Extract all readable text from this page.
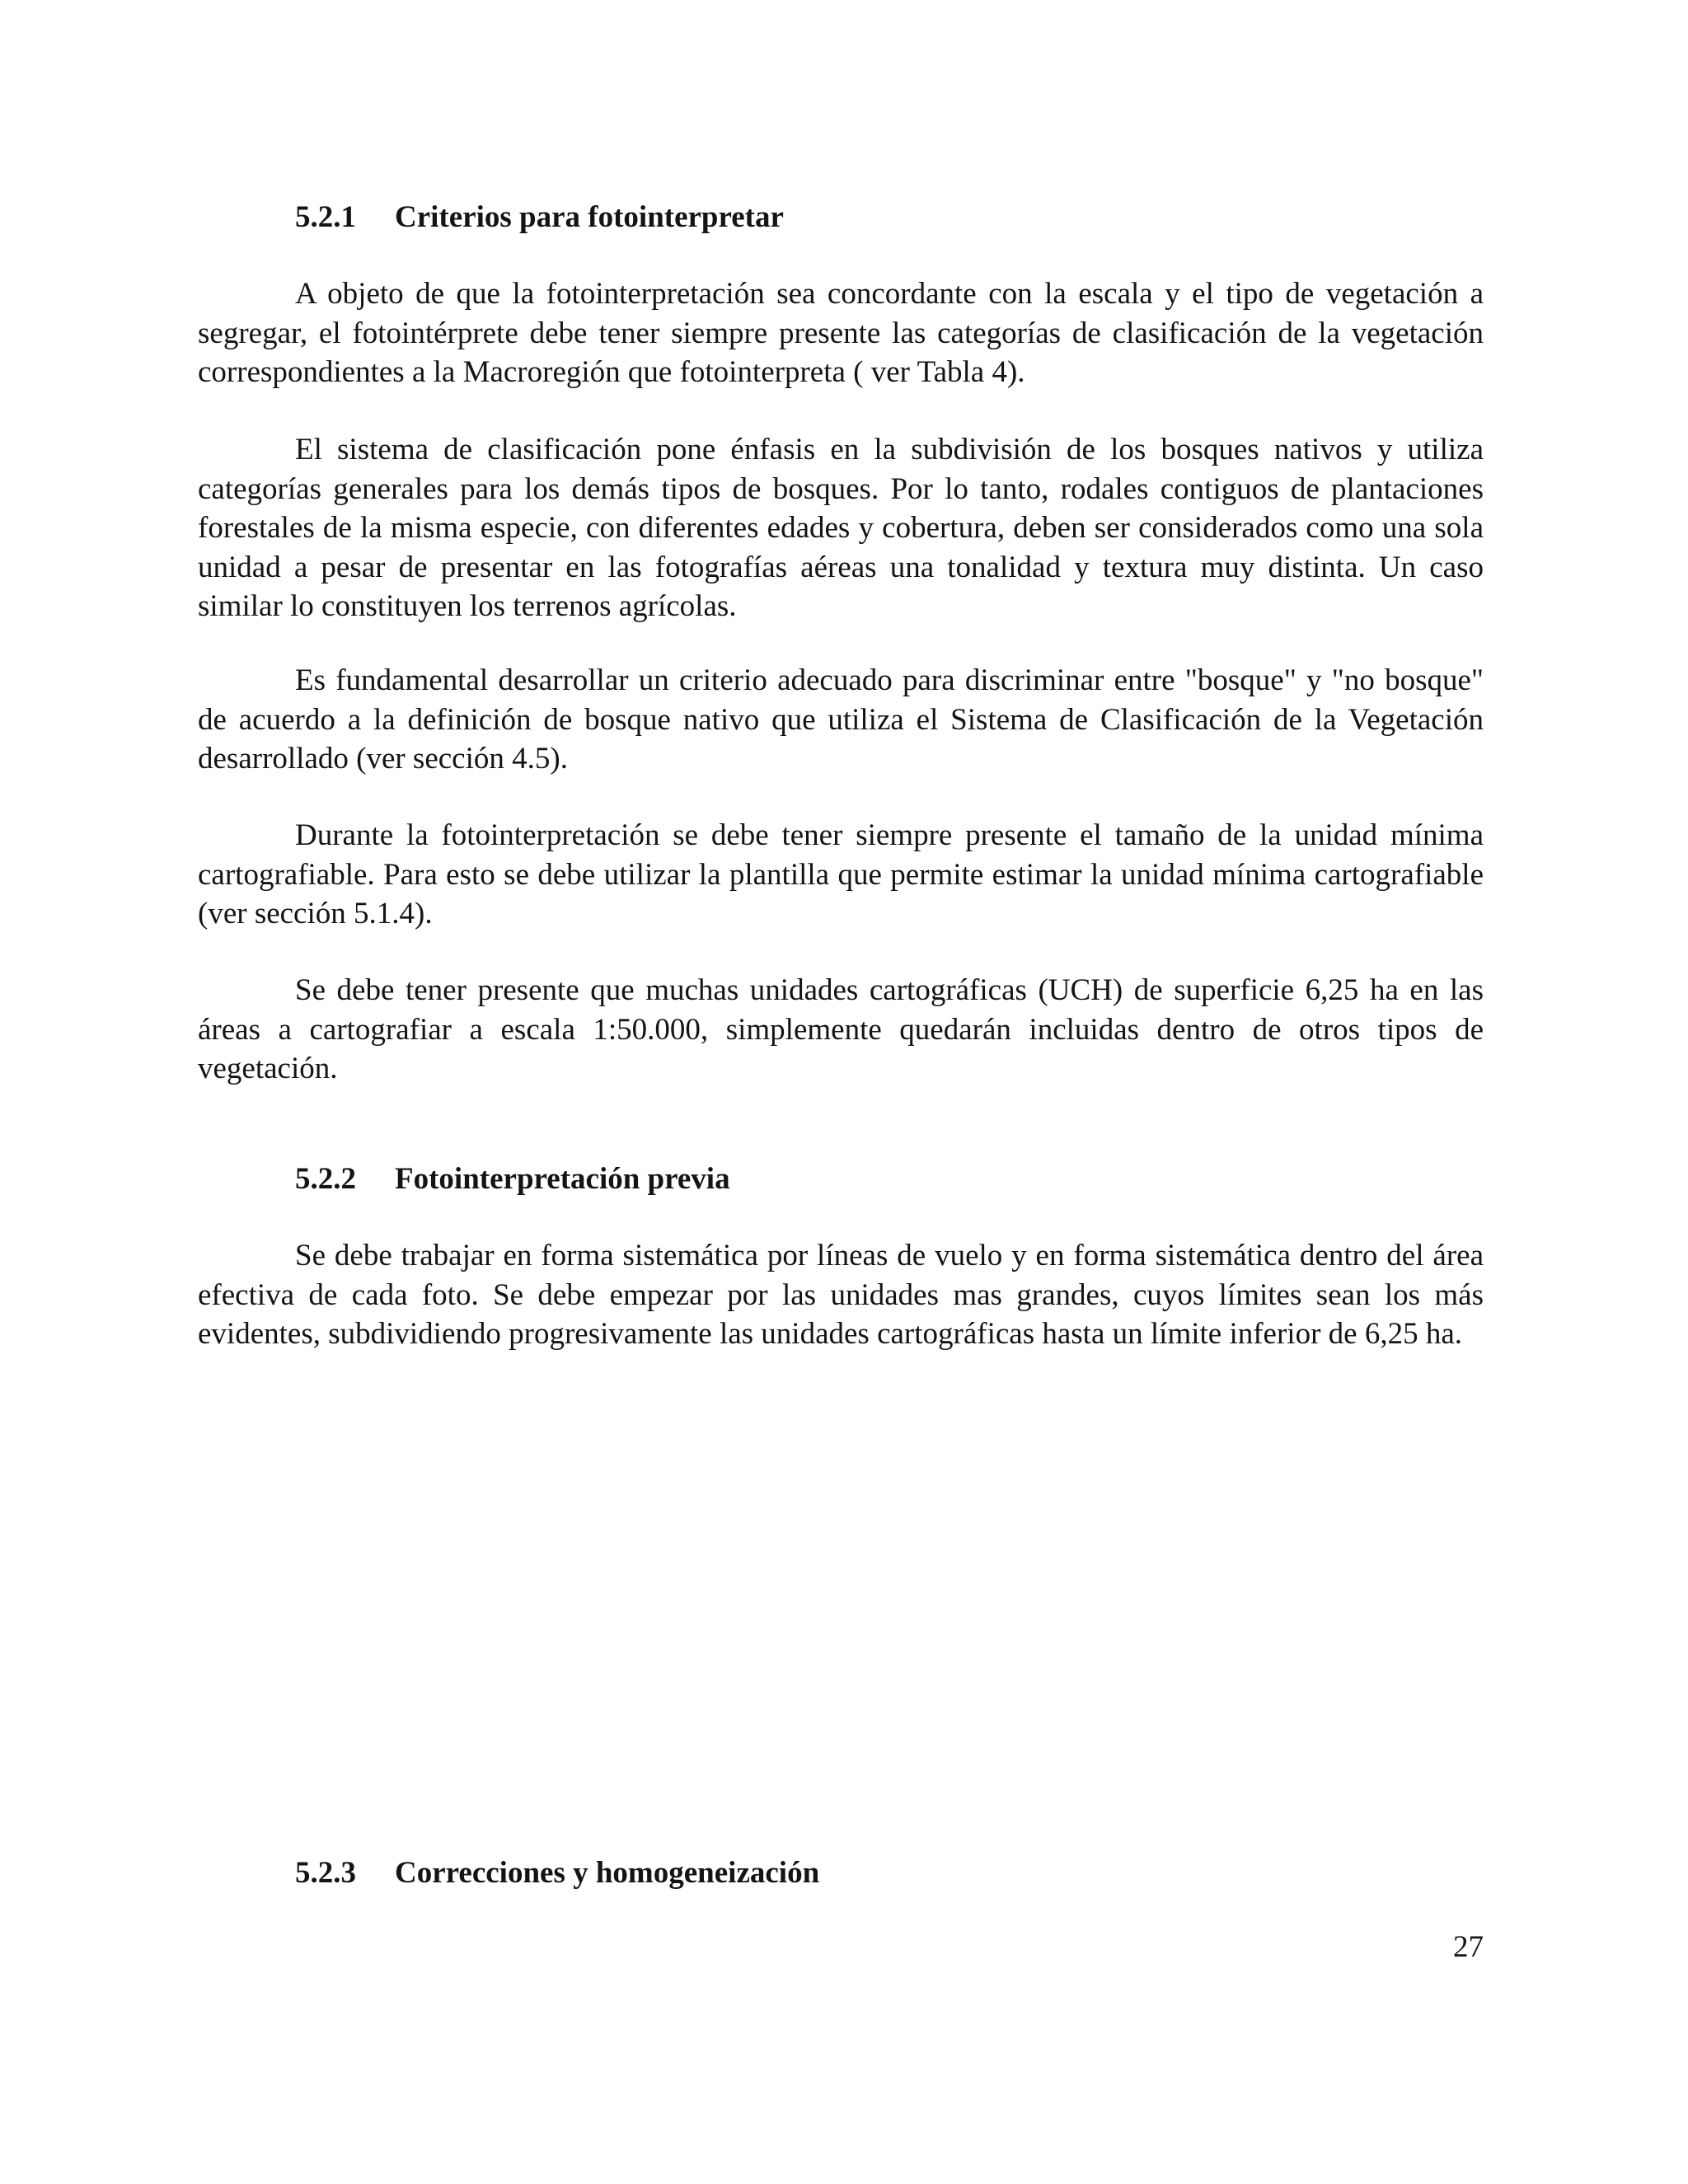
5.2.1 Criterios para fotointerpretar

A objeto de que la fotointerpretación sea concordante con la escala y el tipo de vegetación a segregar, el fotointérprete debe tener siempre presente las categorías de clasificación de la vegetación correspondientes a la Macroregión que fotointerpreta ( ver Tabla 4).

El sistema de clasificación pone énfasis en la subdivisión de los bosques nativos y utiliza categorías generales para los demás tipos de bosques. Por lo tanto, rodales contiguos de plantaciones forestales de la misma especie, con diferentes edades y cobertura, deben ser considerados como una sola unidad a pesar de presentar en las fotografías aéreas una tonalidad y textura muy distinta. Un caso similar lo constituyen los terrenos agrícolas.

Es fundamental desarrollar un criterio adecuado para discriminar entre "bosque" y "no bosque" de acuerdo a la definición de bosque nativo que utiliza el Sistema de Clasificación de la Vegetación desarrollado (ver sección 4.5).

Durante la fotointerpretación se debe tener siempre presente el tamaño de la unidad mínima cartografiable. Para esto se debe utilizar la plantilla que permite estimar la unidad mínima cartografiable (ver sección 5.1.4).

Se debe tener presente que muchas unidades cartográficas (UCH) de superficie 6,25 ha en las áreas a cartografiar a escala 1:50.000, simplemente quedarán incluidas dentro de otros tipos de vegetación.

5.2.2 Fotointerpretación previa

Se debe trabajar en forma sistemática por líneas de vuelo y en forma sistemática dentro del área efectiva de cada foto. Se debe empezar por las unidades mas grandes, cuyos límites sean los más evidentes, subdividiendo progresivamente las unidades cartográficas hasta un límite inferior de 6,25 ha.

5.2.3 Correcciones y homogeneización
27
